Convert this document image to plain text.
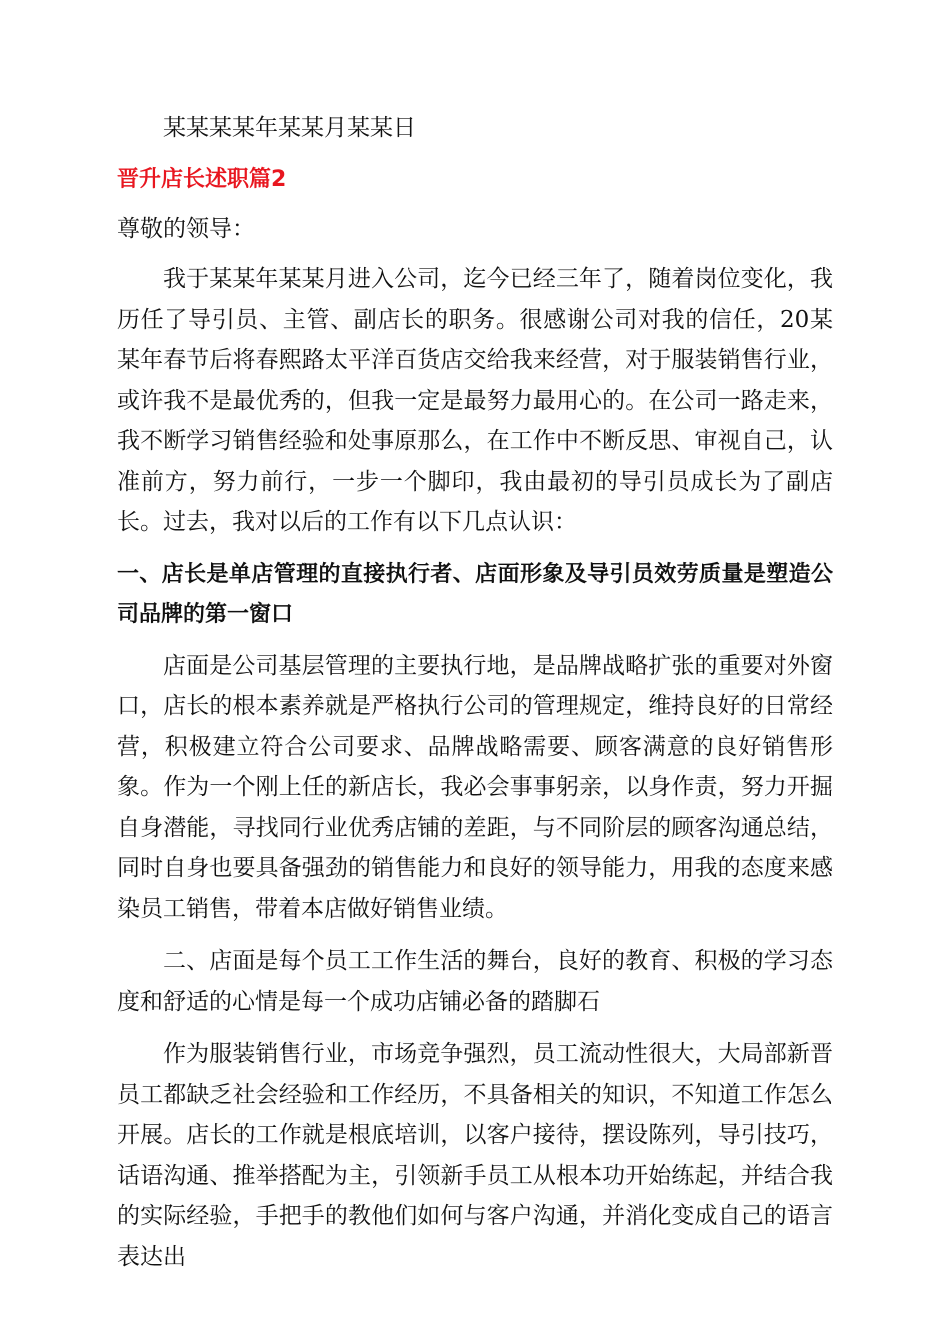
某某某某年某某月某某日

晋升店长述职篇2

尊敬的领导：

我于某某年某某月进入公司，迄今已经三年了，随着岗位变化，我历任了导引员、主管、副店长的职务。很感谢公司对我的信任，20某某年春节后将春熙路太平洋百货店交给我来经营，对于服装销售行业，或许我不是最优秀的，但我一定是最努力最用心的。在公司一路走来，我不断学习销售经验和处事原那么，在工作中不断反思、审视自己，认准前方，努力前行，一步一个脚印，我由最初的导引员成长为了副店长。过去，我对以后的工作有以下几点认识：

一、店长是单店管理的直接执行者、店面形象及导引员效劳质量是塑造公司品牌的第一窗口

店面是公司基层管理的主要执行地，是品牌战略扩张的重要对外窗口，店长的根本素养就是严格执行公司的管理规定，维持良好的日常经营，积极建立符合公司要求、品牌战略需要、顾客满意的良好销售形象。作为一个刚上任的新店长，我必会事事躬亲，以身作责，努力开掘自身潜能，寻找同行业优秀店铺的差距，与不同阶层的顾客沟通总结，同时自身也要具备强劲的销售能力和良好的领导能力，用我的态度来感染员工销售，带着本店做好销售业绩。

二、店面是每个员工工作生活的舞台，良好的教育、积极的学习态度和舒适的心情是每一个成功店铺必备的踏脚石

作为服装销售行业，市场竞争强烈，员工流动性很大，大局部新晋员工都缺乏社会经验和工作经历，不具备相关的知识，不知道工作怎么开展。店长的工作就是根底培训，以客户接待，摆设陈列，导引技巧，话语沟通、推举搭配为主，引领新手员工从根本功开始练起，并结合我的实际经验，手把手的教他们如何与客户沟通，并消化变成自己的语言表达出
